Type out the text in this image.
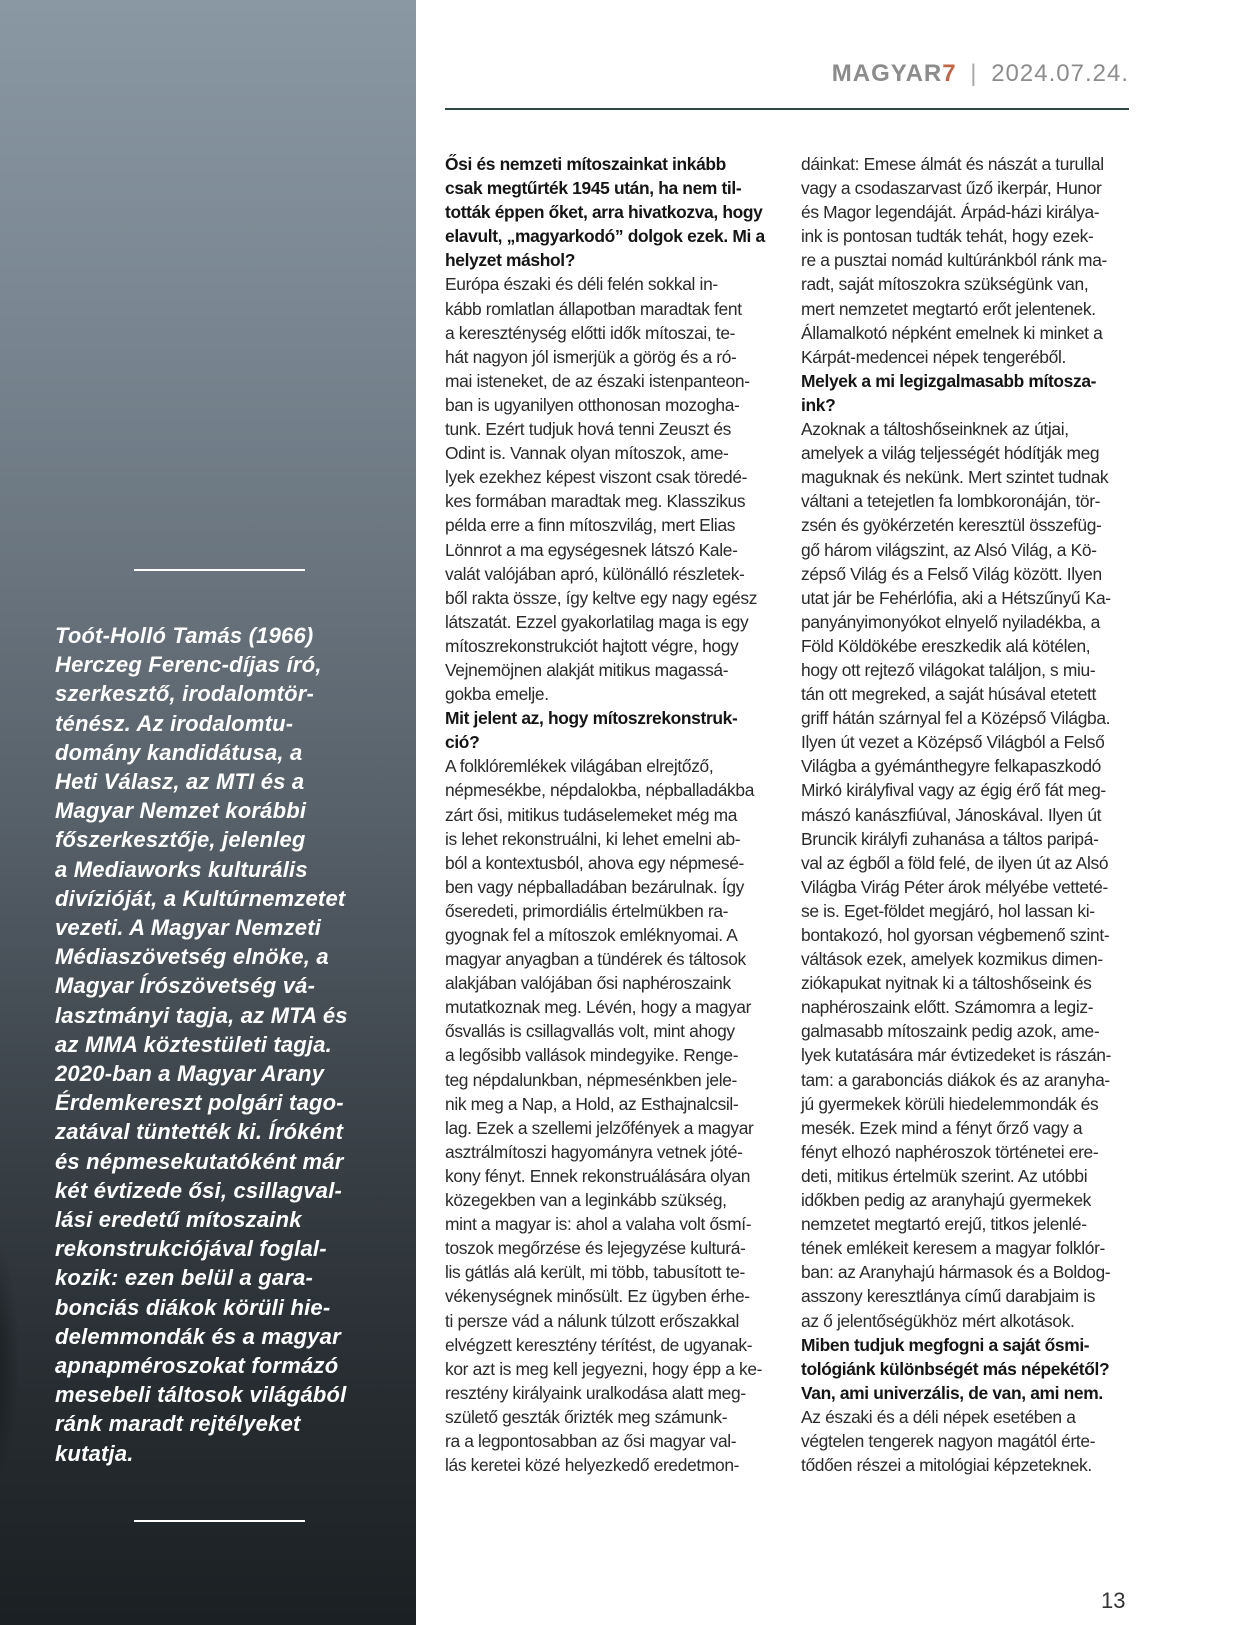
Toót-Holló Tamás (1966)
Herczeg Ferenc-díjas író,
szerkesztő, irodalomtör-
ténész. Az irodalomtu-
domány kandidátusa, a
Heti Válasz, az MTI és a
Magyar Nemzet korábbi
főszerkesztője, jelenleg
a Mediaworks kulturális
divízióját, a Kultúrnemzetet
vezeti. A Magyar Nemzeti
Médiaszövetség elnöke, a
Magyar Írószövetség vá-
lasztmányi tagja, az MTA és
az MMA köztestületi tagja.
2020-ban a Magyar Arany
Érdemkereszt polgári tago-
zatával tüntették ki. Íróként
és népmesekutatóként már
két évtizede ősi, csillagval-
lási eredetű mítoszaink
rekonstrukciójával foglal-
kozik: ezen belül a gara-
bonciás diákok körüli hie-
delemmondák és a magyar
apnapméroszokat formázó
mesebeli táltosok világából
ránk maradt rejtélyeket
kutatja.
MAGYAR7 | 2024.07.24.

Ősi és nemzeti mítoszainkat inkább
csak megtűrték 1945 után, ha nem til-
tották éppen őket, arra hivatkozva, hogy
elavult, „magyarkodó” dolgok ezek. Mi a
helyzet máshol?

Európa északi és déli felén sokkal in-
kább romlatlan állapotban maradtak fent
a kereszténység előtti idők mítoszai, te-
hát nagyon jól ismerjük a görög és a ró-
mai isteneket, de az északi istenpanteon-
ban is ugyanilyen otthonosan mozogha-
tunk. Ezért tudjuk hová tenni Zeuszt és
Odint is. Vannak olyan mítoszok, ame-
lyek ezekhez képest viszont csak töredé-
kes formában maradtak meg. Klasszikus
példa erre a finn mítoszvilág, mert Elias
Lönnrot a ma egységesnek látszó Kale-
valát valójában apró, különálló részletek-
ből rakta össze, így keltve egy nagy egész
látszatát. Ezzel gyakorlatilag maga is egy
mítoszrekonstrukciót hajtott végre, hogy
Vejnemöjnen alakját mitikus magassá-
gokba emelje.

Mit jelent az, hogy mítoszrekonstruk-
ció?

A folklóremlékek világában elrejtőző,
népmesékbe, népdalokba, népballadákba
zárt ősi, mitikus tudáselemeket még ma
is lehet rekonstruálni, ki lehet emelni ab-
ból a kontextusból, ahova egy népmesé-
ben vagy népballadában bezárulnak. Így
őseredeti, primordiális értelmükben ra-
gyognak fel a mítoszok emléknyomai. A
magyar anyagban a tündérek és táltosok
alakjában valójában ősi naphéroszaink
mutatkoznak meg. Lévén, hogy a magyar
ősvallás is csillagvallás volt, mint ahogy
a legősibb vallások mindegyike. Renge-
teg népdalunkban, népmesénkben jele-
nik meg a Nap, a Hold, az Esthajnalcsil-
lag. Ezek a szellemi jelzőfények a magyar
asztrálmítoszi hagyományra vetnek jóté-
kony fényt. Ennek rekonstruálására olyan
közegekben van a leginkább szükség,
mint a magyar is: ahol a valaha volt ősmí-
toszok megőrzése és lejegyzése kulturá-
lis gátlás alá került, mi több, tabusított te-
vékenységnek minősült. Ez ügyben érhe-
ti persze vád a nálunk túlzott erőszakkal
elvégzett keresztény térítést, de ugyanak-
kor azt is meg kell jegyezni, hogy épp a ke-
resztény királyaink uralkodása alatt meg-
születő geszták őrizték meg számunk-
ra a legpontosabban az ősi magyar val-
lás keretei közé helyezkedő eredetmon-

dáinkat: Emese álmát és nászát a turullal
vagy a csodaszarvast űző ikerpár, Hunor
és Magor legendáját. Árpád-házi királya-
ink is pontosan tudták tehát, hogy ezek-
re a pusztai nomád kultúránkból ránk ma-
radt, saját mítoszokra szükségünk van,
mert nemzetet megtartó erőt jelentenek.
Államalkotó népként emelnek ki minket a
Kárpát-medencei népek tengeréből.

Melyek a mi legizgalmasabb mítosza-
ink?

Azoknak a táltoshőseinknek az útjai,
amelyek a világ teljességét hódítják meg
maguknak és nekünk. Mert szintet tudnak
váltani a tetejetlen fa lombkoronáján, tör-
zsén és gyökérzetén keresztül összefüg-
gő három világszint, az Alsó Világ, a Kö-
zépső Világ és a Felső Világ között. Ilyen
utat jár be Fehérlófia, aki a Hétszűnyű Ka-
panyányimonyókot elnyelő nyiladékba, a
Föld Köldökébe ereszkedik alá kötélen,
hogy ott rejtező világokat találjon, s miu-
tán ott megreked, a saját húsával etetett
griff hátán szárnyal fel a Középső Világba.
Ilyen út vezet a Középső Világból a Felső
Világba a gyémánthegyre felkapaszkodó
Mirkó királyfival vagy az égig érő fát meg-
mászó kanászfiúval, Jánoskával. Ilyen út
Bruncik királyfi zuhanása a táltos paripá-
val az égből a föld felé, de ilyen út az Alsó
Világba Virág Péter árok mélyébe vetteté-
se is. Eget-földet megjáró, hol lassan ki-
bontakozó, hol gyorsan végbemenő szint-
váltások ezek, amelyek kozmikus dimen-
ziókapukat nyitnak ki a táltoshőseink és
naphéroszaink előtt. Számomra a legiz-
galmasabb mítoszaink pedig azok, ame-
lyek kutatására már évtizedeket is rászán-
tam: a garabonciás diákok és az aranyha-
jú gyermekek körüli hiedelemmondák és
mesék. Ezek mind a fényt őrző vagy a
fényt elhozó naphéroszok történetei ere-
deti, mitikus értelmük szerint. Az utóbbi
időkben pedig az aranyhajú gyermekek
nemzetet megtartó erejű, titkos jelenlé-
tének emlékeit keresem a magyar folklór-
ban: az Aranyhajú hármasok és a Boldog-
asszony keresztlánya című darabjaim is
az ő jelentőségükhöz mért alkotások.

Miben tudjuk megfogni a saját ősmi-
tológiánk különbségét más népekétől?
Van, ami univerzális, de van, ami nem.

Az északi és a déli népek esetében a
végtelen tengerek nagyon magától érte-
tődően részei a mitológiai képzeteknek.

13
